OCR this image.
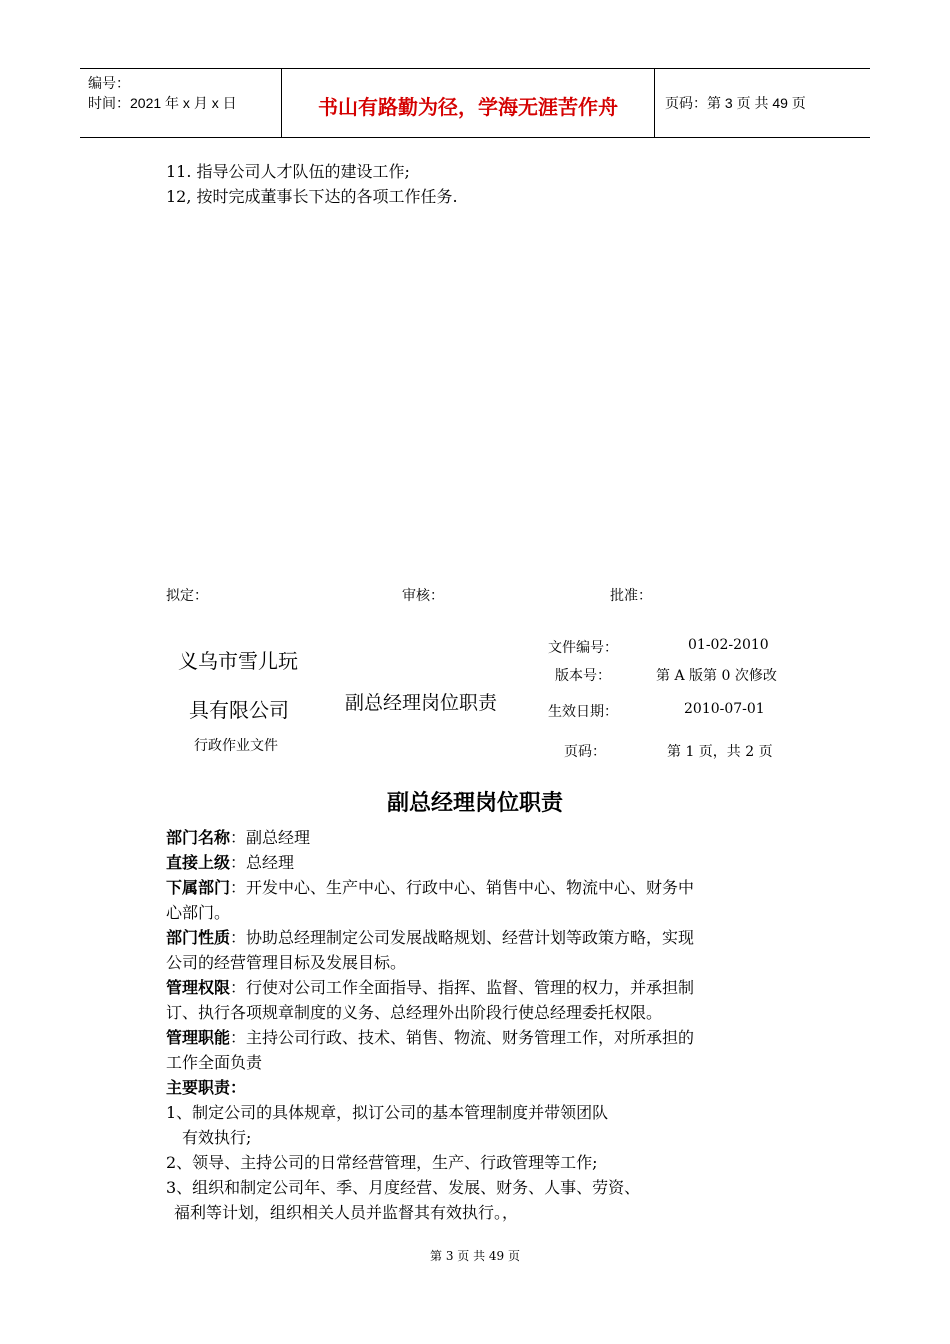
编号：
时间：2021 年 x 月 x 日	书山有路勤为径，学海无涯苦作舟	页码：第 3 页 共 49 页
11. 指导公司人才队伍的建设工作;
12, 按时完成董事长下达的各项工作任务.
拟定：	审核：	批准：
义乌市雪儿玩
具有限公司
行政作业文件
副总经理岗位职责
文件编号：	01-02-2010
版本号：	第 A 版第 0 次修改
生效日期：	2010-07-01
页码：	第 1 页，共 2 页
副总经理岗位职责
部门名称：副总经理
直接上级：总经理
下属部门：开发中心、生产中心、行政中心、销售中心、物流中心、财务中
心部门。
部门性质：协助总经理制定公司发展战略规划、经营计划等政策方略，实现
公司的经营管理目标及发展目标。
管理权限：行使对公司工作全面指导、指挥、监督、管理的权力，并承担制
订、执行各项规章制度的义务、总经理外出阶段行使总经理委托权限。
管理职能：主持公司行政、技术、销售、物流、财务管理工作，对所承担的
工作全面负责
主要职责：
1、制定公司的具体规章，拟订公司的基本管理制度并带领团队
有效执行;
2、领导、主持公司的日常经营管理，生产、行政管理等工作;
3、组织和制定公司年、季、月度经营、发展、财务、人事、劳资、
福利等计划，组织相关人员并监督其有效执行。，
第 3 页 共 49 页
